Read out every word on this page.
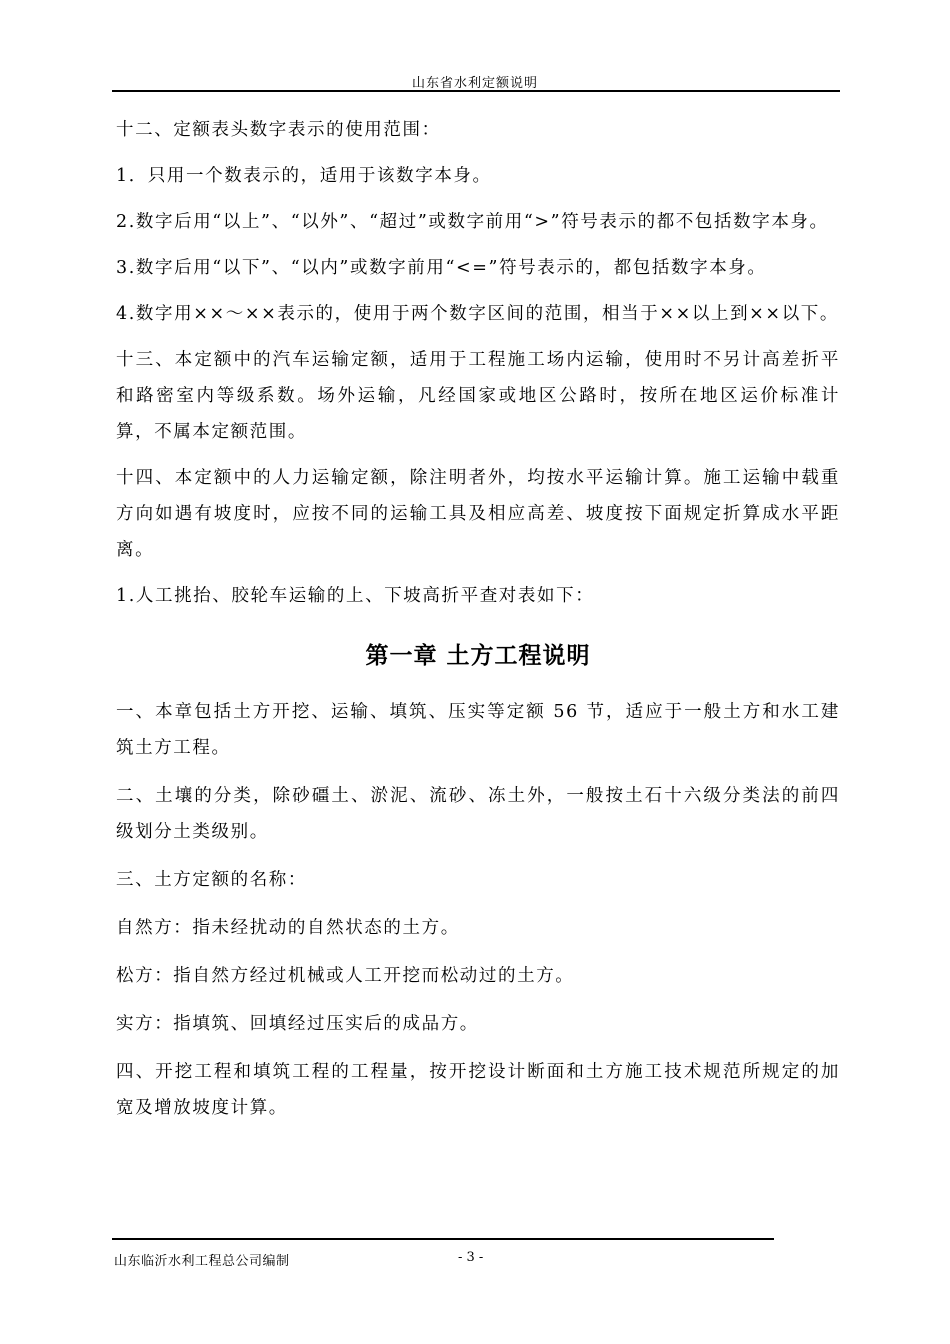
山东省水利定额说明

十二、定额表头数字表示的使用范围：

1．只用一个数表示的，适用于该数字本身。

2.数字后用“以上”、“以外”、“超过”或数字前用“>”符号表示的都不包括数字本身。

3.数字后用“以下”、“以内”或数字前用“<=”符号表示的，都包括数字本身。

4.数字用××～××表示的，使用于两个数字区间的范围，相当于××以上到××以下。

十三、本定额中的汽车运输定额，适用于工程施工场内运输，使用时不另计高差折平和路密室内等级系数。场外运输，凡经国家或地区公路时，按所在地区运价标准计算，不属本定额范围。

十四、本定额中的人力运输定额，除注明者外，均按水平运输计算。施工运输中载重方向如遇有坡度时，应按不同的运输工具及相应高差、坡度按下面规定折算成水平距离。

1.人工挑抬、胶轮车运输的上、下坡高折平查对表如下：

第一章 土方工程说明

一、本章包括土方开挖、运输、填筑、压实等定额 56 节，适应于一般土方和水工建筑土方工程。

二、土壤的分类，除砂礓土、淤泥、流砂、冻土外，一般按土石十六级分类法的前四级划分土类级别。

三、土方定额的名称：

自然方：指未经扰动的自然状态的土方。

松方：指自然方经过机械或人工开挖而松动过的土方。

实方：指填筑、回填经过压实后的成品方。

四、开挖工程和填筑工程的工程量，按开挖设计断面和土方施工技术规范所规定的加宽及增放坡度计算。

山东临沂水利工程总公司编制	- 3 -
